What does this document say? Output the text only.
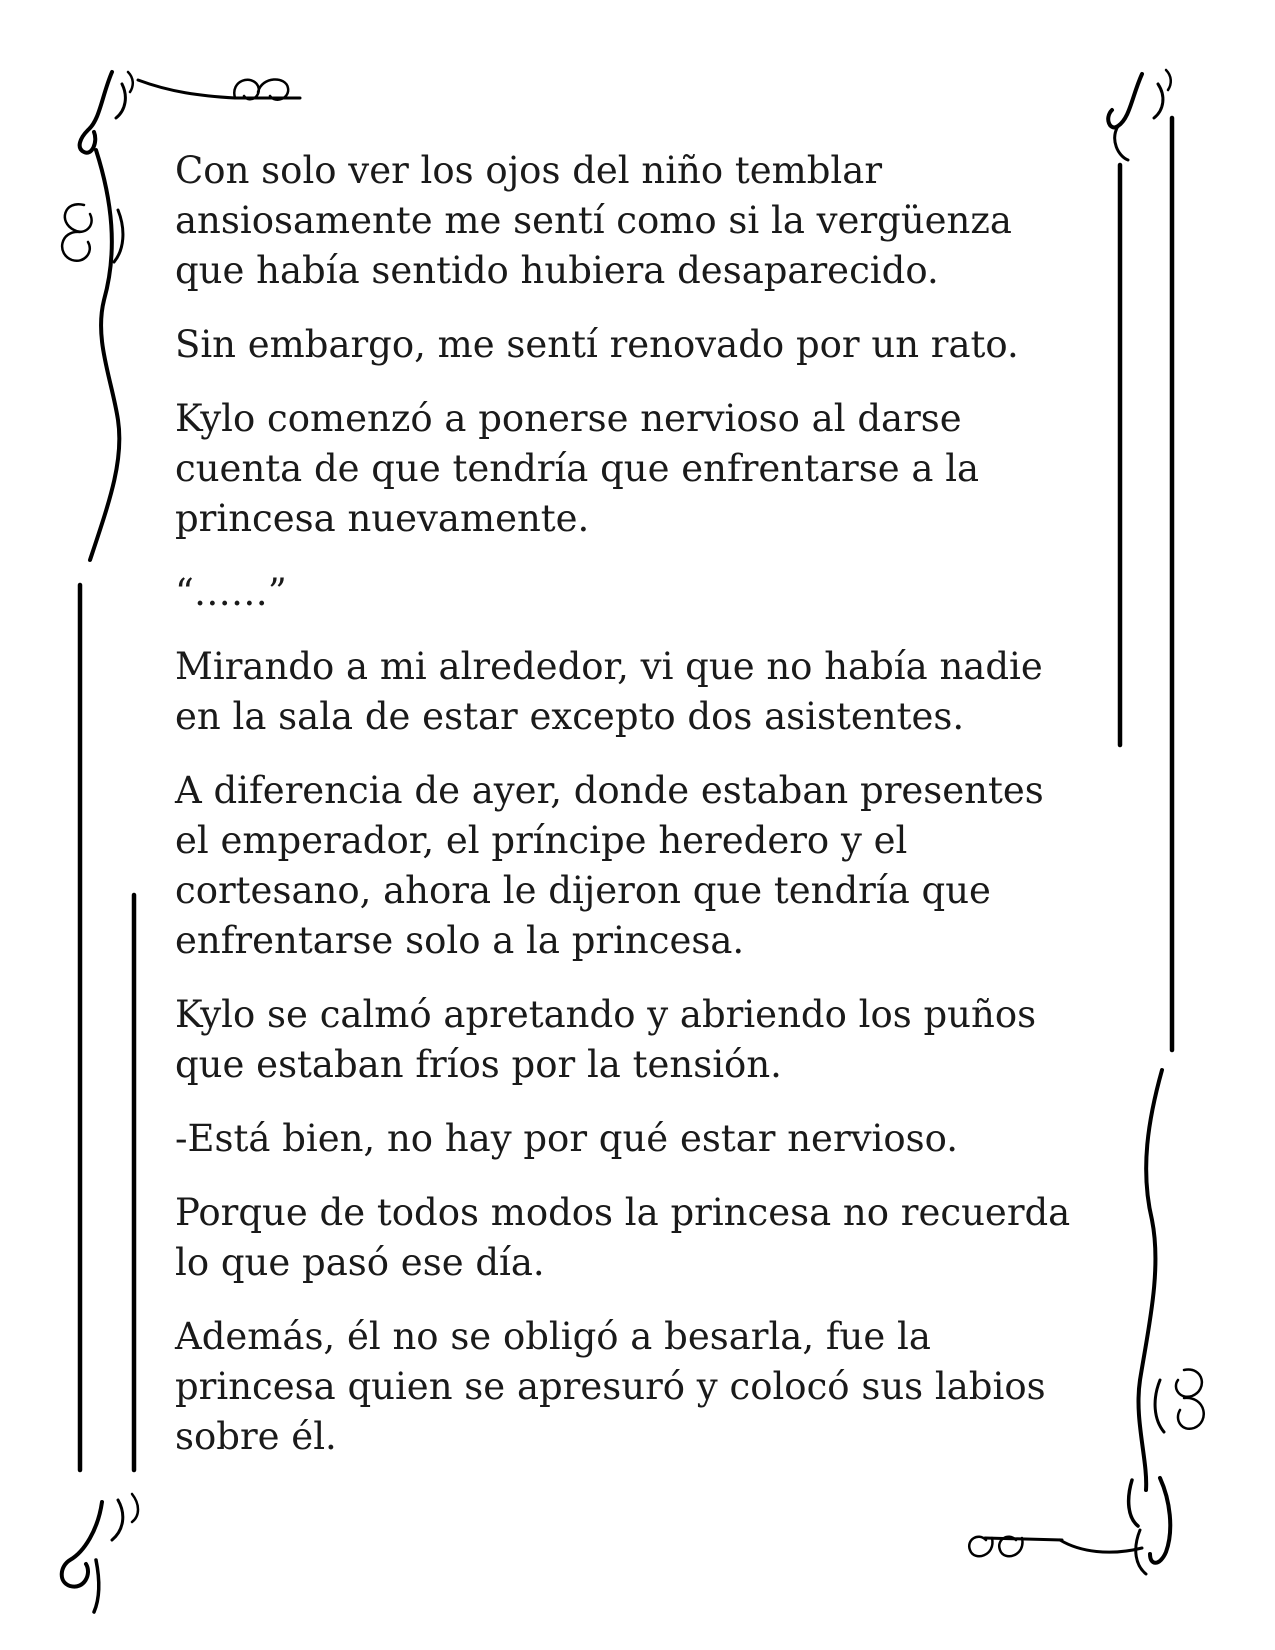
Con solo ver los ojos del niño temblar
ansiosamente me sentí como si la vergüenza
que había sentido hubiera desaparecido.

Sin embargo, me sentí renovado por un rato.

Kylo comenzó a ponerse nervioso al darse
cuenta de que tendría que enfrentarse a la
princesa nuevamente.

“……”

Mirando a mi alrededor, vi que no había nadie
en la sala de estar excepto dos asistentes.

A diferencia de ayer, donde estaban presentes
el emperador, el príncipe heredero y el
cortesano, ahora le dijeron que tendría que
enfrentarse solo a la princesa.

Kylo se calmó apretando y abriendo los puños
que estaban fríos por la tensión.

-Está bien, no hay por qué estar nervioso.

Porque de todos modos la princesa no recuerda
lo que pasó ese día.

Además, él no se obligó a besarla, fue la
princesa quien se apresuró y colocó sus labios
sobre él.
